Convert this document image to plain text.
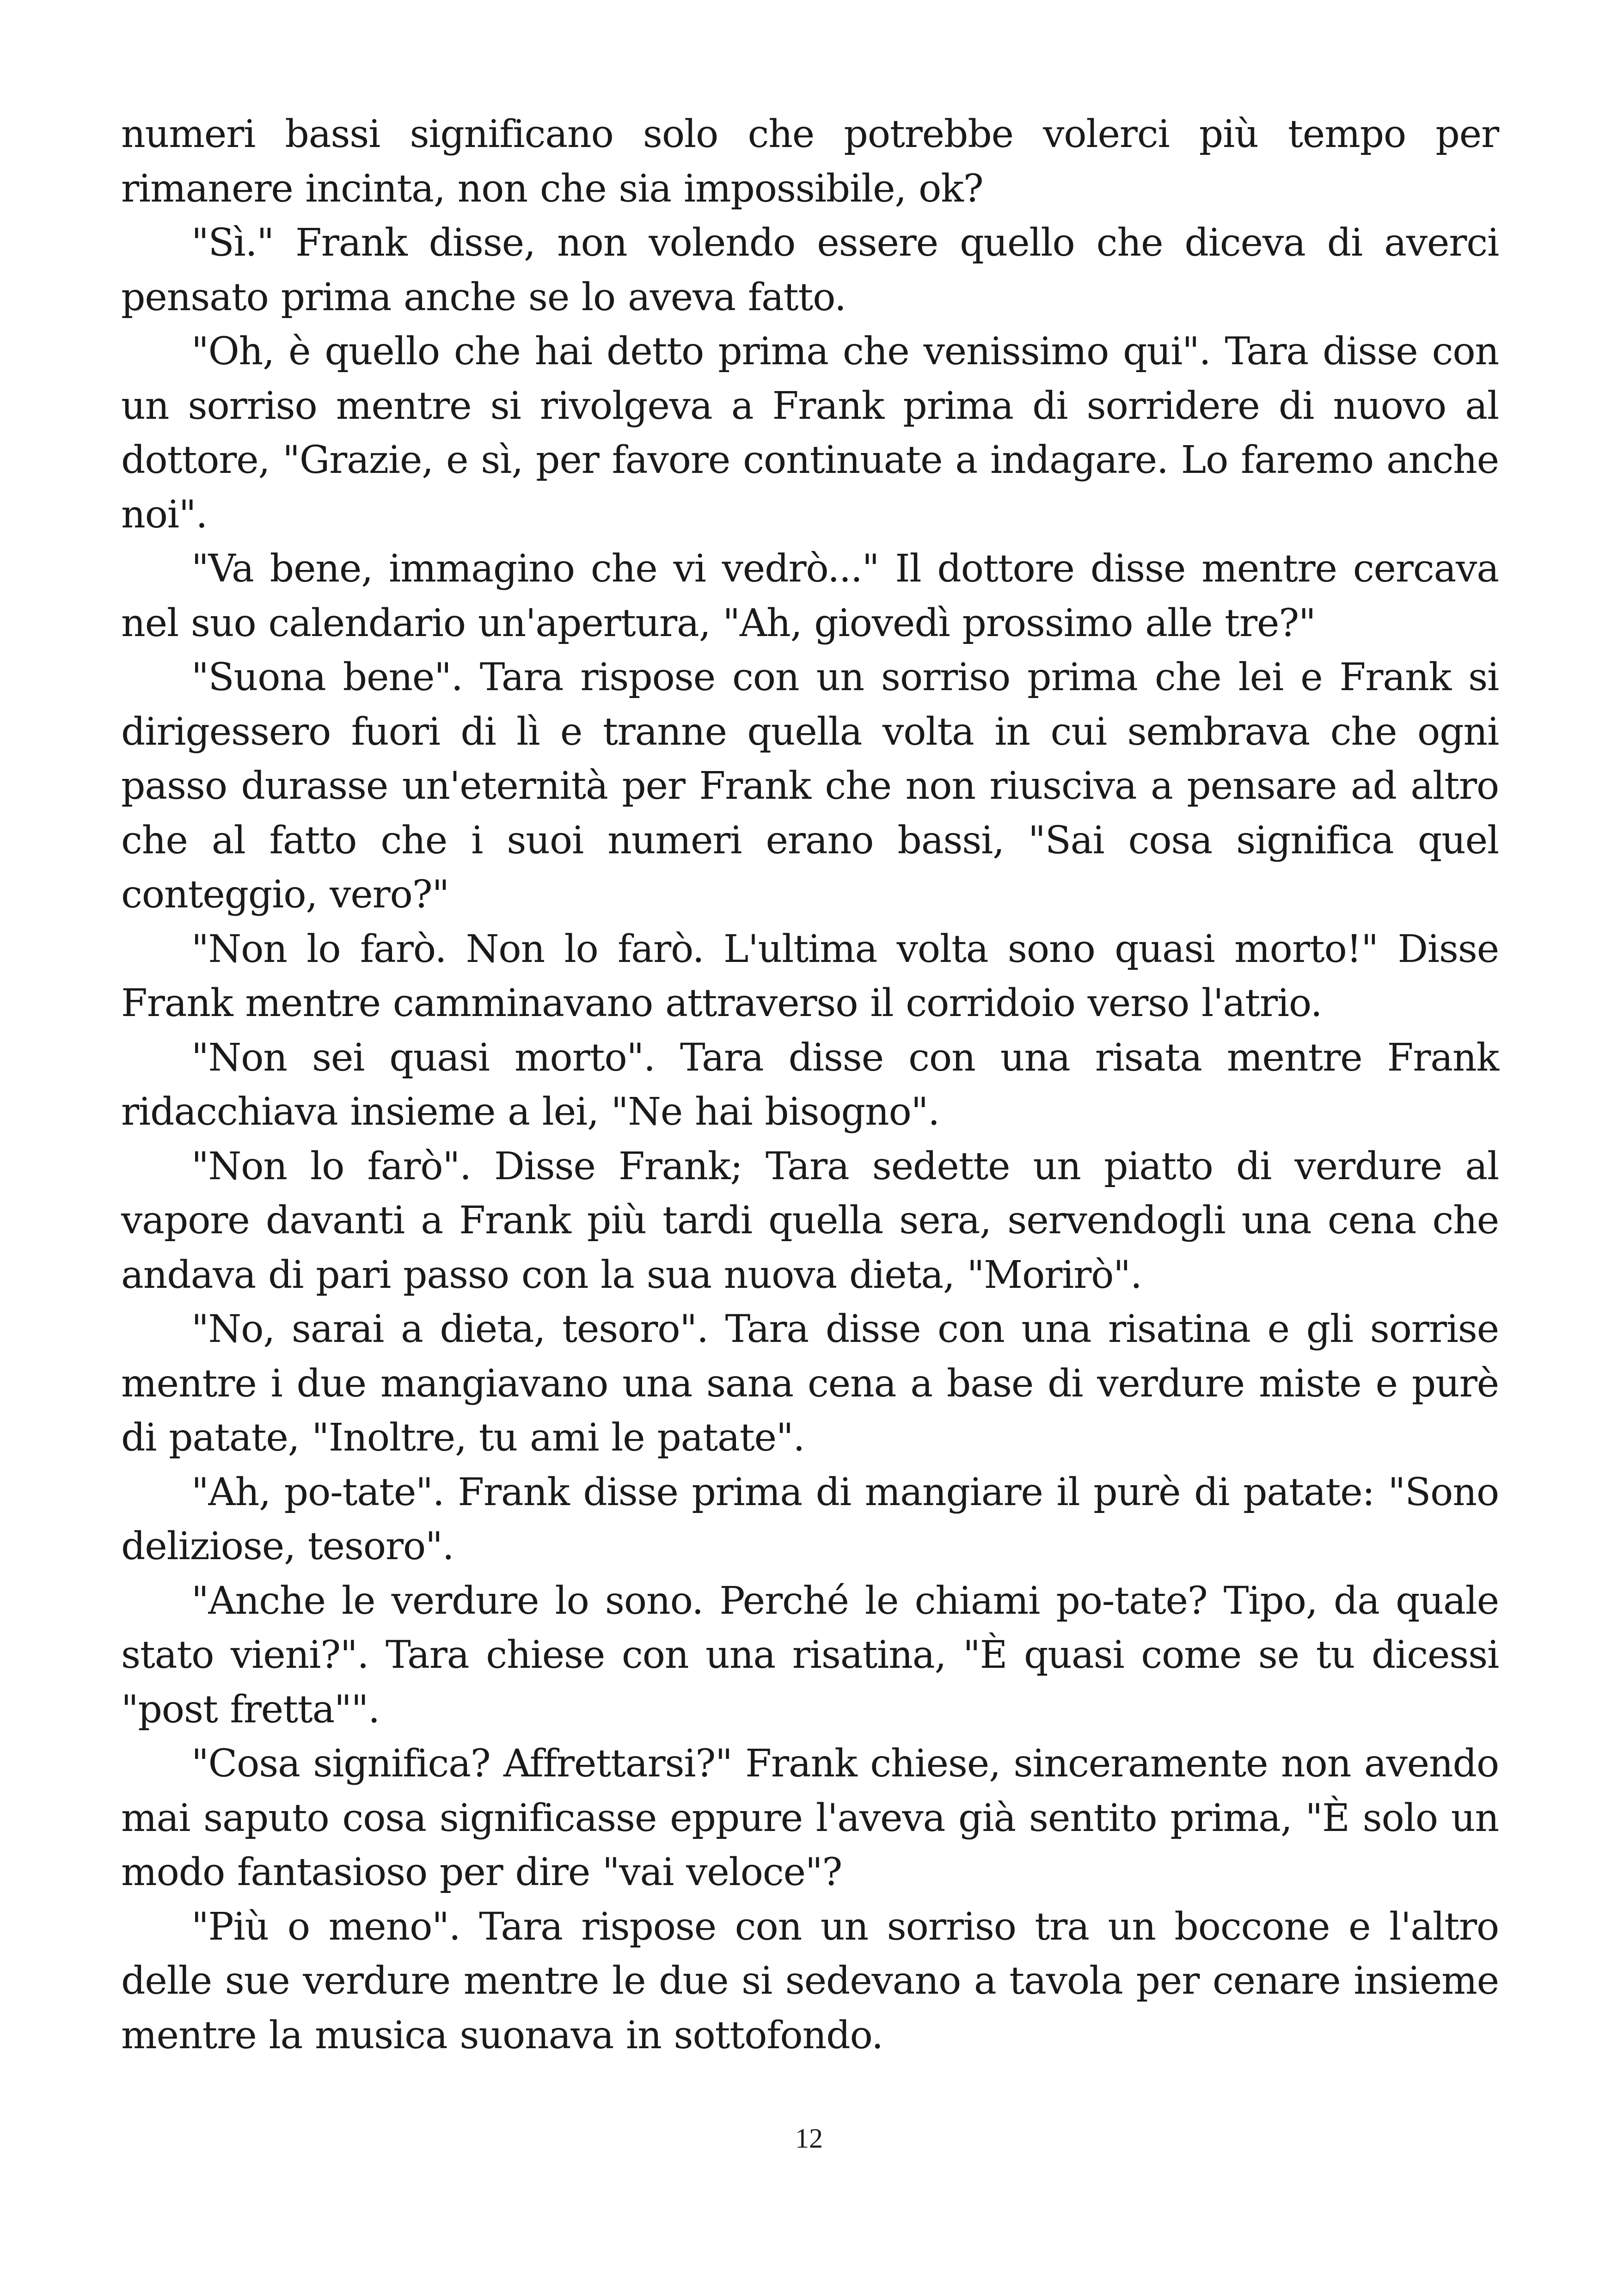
numeri bassi significano solo che potrebbe volerci più tempo per rimanere incinta, non che sia impossibile, ok?

"Sì." Frank disse, non volendo essere quello che diceva di averci pensato prima anche se lo aveva fatto.

"Oh, è quello che hai detto prima che venissimo qui". Tara disse con un sorriso mentre si rivolgeva a Frank prima di sorridere di nuovo al dottore, "Grazie, e sì, per favore continuate a indagare. Lo faremo anche noi".

"Va bene, immagino che vi vedrò..." Il dottore disse mentre cercava nel suo calendario un'apertura, "Ah, giovedì prossimo alle tre?"

"Suona bene". Tara rispose con un sorriso prima che lei e Frank si dirigessero fuori di lì e tranne quella volta in cui sembrava che ogni passo durasse un'eternità per Frank che non riusciva a pensare ad altro che al fatto che i suoi numeri erano bassi, "Sai cosa significa quel conteggio, vero?"

"Non lo farò. Non lo farò. L'ultima volta sono quasi morto!" Disse Frank mentre camminavano attraverso il corridoio verso l'atrio.

"Non sei quasi morto". Tara disse con una risata mentre Frank ridacchiava insieme a lei, "Ne hai bisogno".

"Non lo farò". Disse Frank; Tara sedette un piatto di verdure al vapore davanti a Frank più tardi quella sera, servendogli una cena che andava di pari passo con la sua nuova dieta, "Morirò".

"No, sarai a dieta, tesoro". Tara disse con una risatina e gli sorrise mentre i due mangiavano una sana cena a base di verdure miste e purè di patate, "Inoltre, tu ami le patate".

"Ah, po-tate". Frank disse prima di mangiare il purè di patate: "Sono deliziose, tesoro".

"Anche le verdure lo sono. Perché le chiami po-tate? Tipo, da quale stato vieni?". Tara chiese con una risatina, "È quasi come se tu dicessi "post fretta"".

"Cosa significa? Affrettarsi?" Frank chiese, sinceramente non avendo mai saputo cosa significasse eppure l'aveva già sentito prima, "È solo un modo fantasioso per dire "vai veloce"?

"Più o meno". Tara rispose con un sorriso tra un boccone e l'altro delle sue verdure mentre le due si sedevano a tavola per cenare insieme mentre la musica suonava in sottofondo.

12
